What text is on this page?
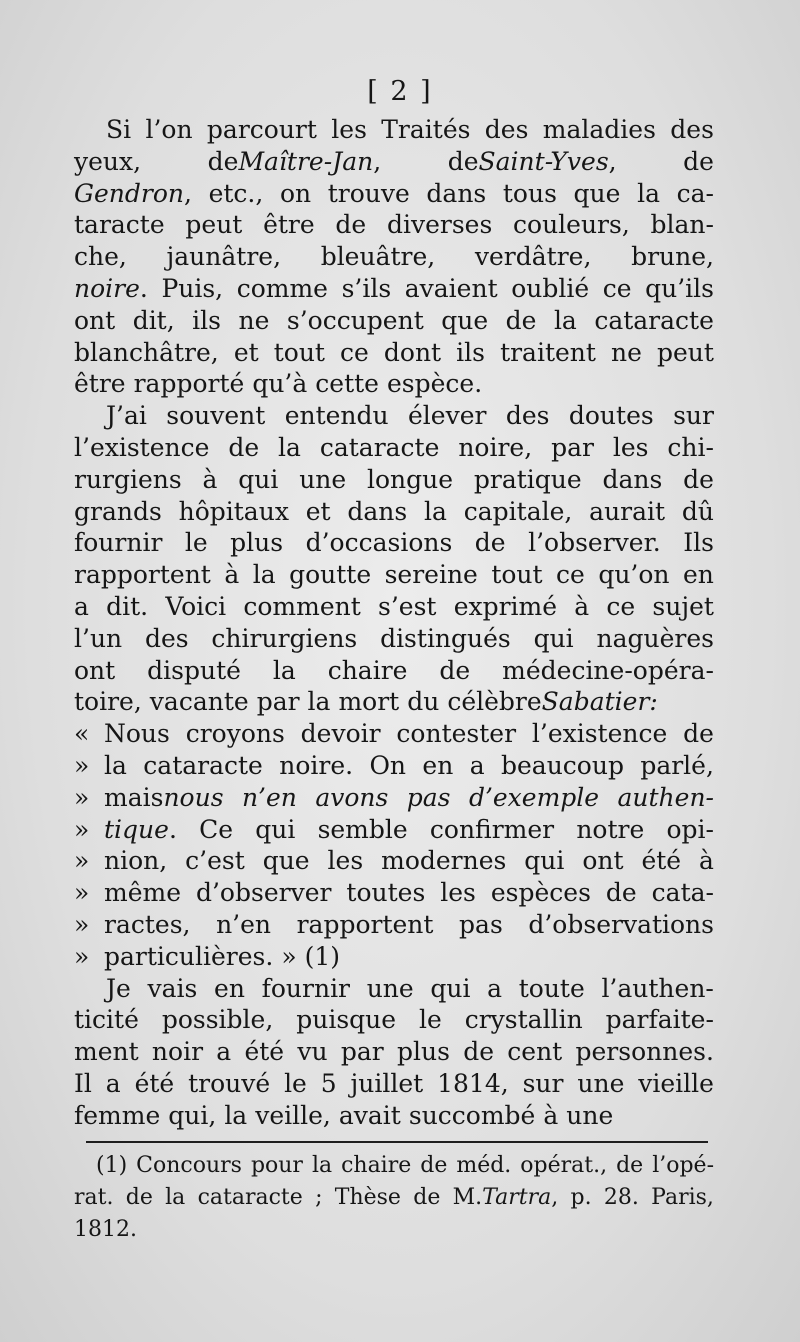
[ 2 ]
Si l’on parcourt les Traités des maladies des
yeux,	deMaître-Jan,	deSaint-Yves,	de
Gendron, etc., on trouve dans tous que la ca-
taracte peut être de diverses couleurs, blan-
che, jaunâtre, bleuâtre, verdâtre, brune,
noire. Puis, comme s’ils avaient oublié ce qu’ils
ont dit, ils ne s’occupent que de la cataracte
blanchâtre, et tout ce dont ils traitent ne peut
être rapporté qu’à cette espèce.
J’ai souvent entendu élever des doutes sur
l’existence de la cataracte noire, par les chi-
rurgiens à qui une longue pratique dans de
grands hôpitaux et dans la capitale, aurait dû
fournir le plus d’occasions de l’observer. Ils
rapportent à la goutte sereine tout ce qu’on en
a dit. Voici comment s’est exprimé à ce sujet
l’un des chirurgiens distingués qui naguères
ont disputé la chaire de médecine-opéra-
toire, vacante par la mort du célèbreSabatier:
« Nous croyons devoir contester l’existence de
» la cataracte noire. On en a beaucoup parlé,
» maisnous n’en avons pas d’exemple authen-
» tique. Ce qui semble confirmer notre opi-
» nion, c’est que les modernes qui ont été à
» même d’observer toutes les espèces de cata-
» ractes, n’en rapportent pas d’observations
» particulières. » (1)
Je vais en fournir une qui a toute l’authen-
ticité possible, puisque le crystallin parfaite-
ment noir a été vu par plus de cent personnes.
Il a été trouvé le 5 juillet 1814, sur une vieille
femme qui, la veille, avait succombé à une
(1) Concours pour la chaire de méd. opérat., de l’opé-
rat. de la cataracte ; Thèse de M.Tartra, p. 28. Paris,
1812.
